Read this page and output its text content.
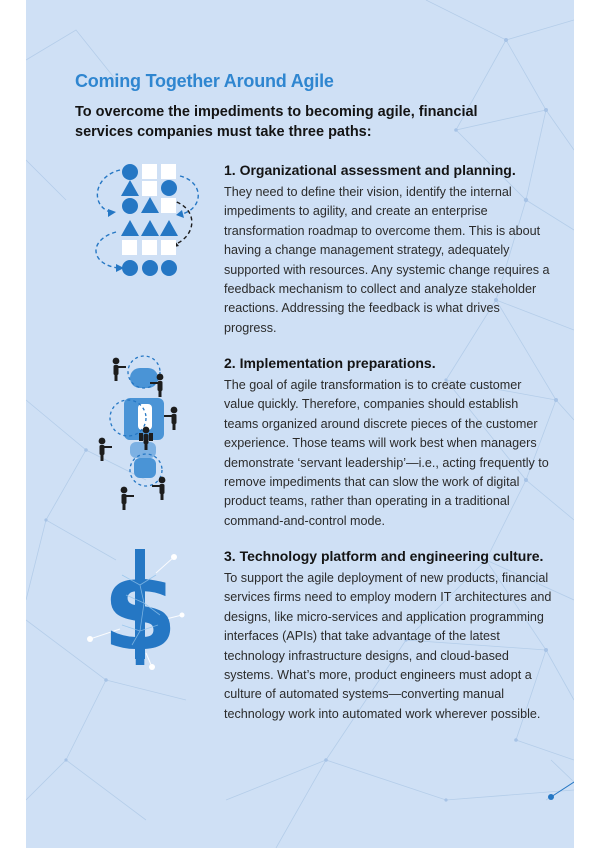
Coming Together Around Agile

To overcome the impediments to becoming agile, financial services companies must take three paths:

$
1. Organizational assessment and planning.

They need to define their vision, identify the internal impediments to agility, and create an enterprise transformation roadmap to overcome them. This is about having a change management strategy, adequately supported with resources. Any systemic change requires a feedback mechanism to collect and analyze stakeholder reactions. Addressing the feedback is what drives progress.

2. Implementation preparations.

The goal of agile transformation is to create customer value quickly. Therefore, companies should establish teams organized around discrete pieces of the customer experience. Those teams will work best when managers demonstrate ‘servant leadership’—i.e., acting frequently to remove impediments that can slow the work of digital product teams, rather than operating in a traditional command-and-control mode.

3. Technology platform and engineering culture.

To support the agile deployment of new products, financial services firms need to employ modern IT architectures and designs, like micro-services and application programming interfaces (APIs) that take advantage of the latest technology infrastructure designs, and cloud-based systems. What’s more, product engineers must adopt a culture of automated systems—converting manual technology work into automated work wherever possible.
